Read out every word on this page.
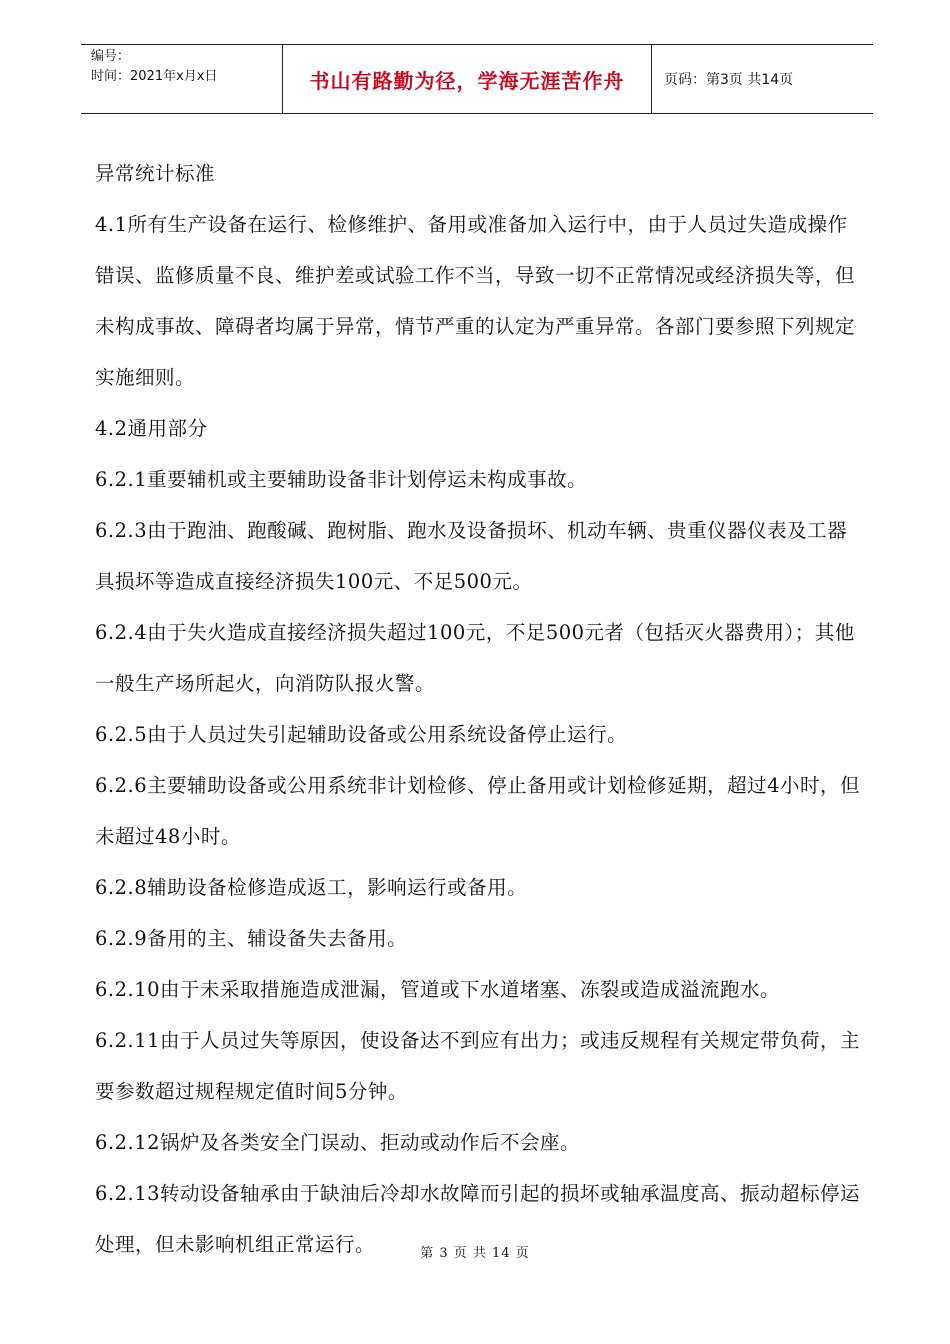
编号：
时间：2021年x月x日	书山有路勤为径，学海无涯苦作舟	页码：第3页 共14页

异常统计标准

4.1所有生产设备在运行、检修维护、备用或准备加入运行中，由于人员过失造成操作错误、监修质量不良、维护差或试验工作不当，导致一切不正常情况或经济损失等，但未构成事故、障碍者均属于异常，情节严重的认定为严重异常。各部门要参照下列规定实施细则。

4.2通用部分

6.2.1重要辅机或主要辅助设备非计划停运未构成事故。

6.2.3由于跑油、跑酸碱、跑树脂、跑水及设备损坏、机动车辆、贵重仪器仪表及工器具损坏等造成直接经济损失100元、不足500元。

6.2.4由于失火造成直接经济损失超过100元，不足500元者（包括灭火器费用）；其他一般生产场所起火，向消防队报火警。

6.2.5由于人员过失引起辅助设备或公用系统设备停止运行。

6.2.6主要辅助设备或公用系统非计划检修、停止备用或计划检修延期，超过4小时，但未超过48小时。

6.2.8辅助设备检修造成返工，影响运行或备用。

6.2.9备用的主、辅设备失去备用。

6.2.10由于未采取措施造成泄漏，管道或下水道堵塞、冻裂或造成溢流跑水。

6.2.11由于人员过失等原因，使设备达不到应有出力；或违反规程有关规定带负荷，主要参数超过规程规定值时间5分钟。

6.2.12锅炉及各类安全门误动、拒动或动作后不会座。

6.2.13转动设备轴承由于缺油后冷却水故障而引起的损坏或轴承温度高、振动超标停运处理，但未影响机组正常运行。	第 3 页 共 14 页
